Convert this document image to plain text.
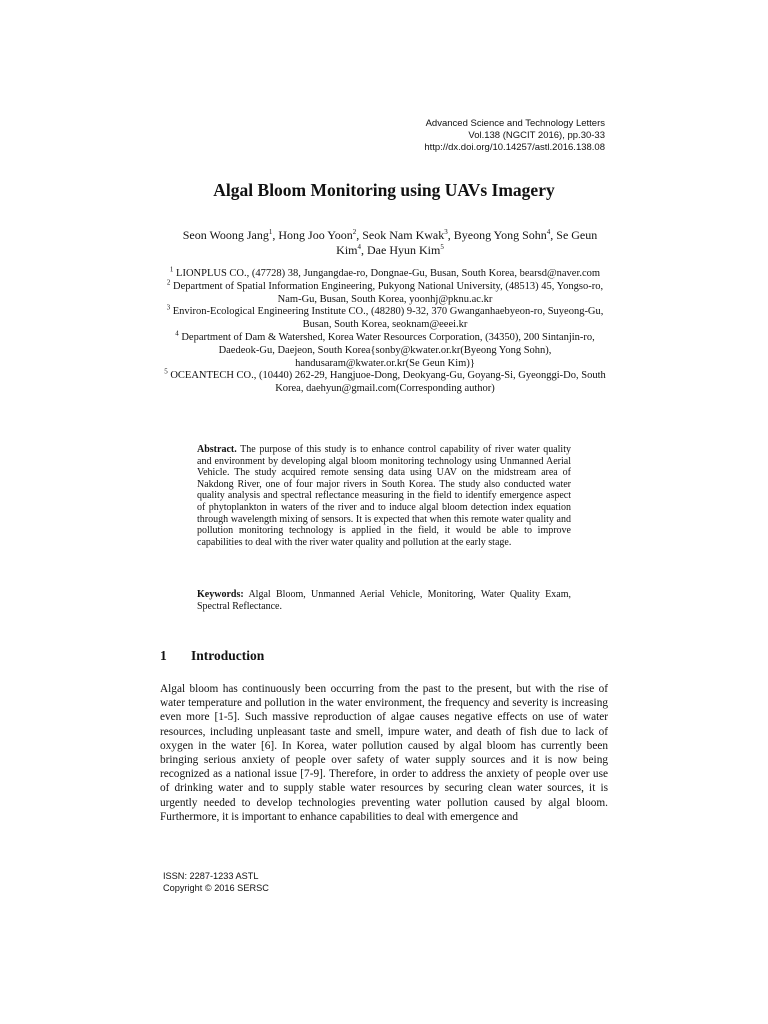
Advanced Science and Technology Letters
Vol.138 (NGCIT 2016), pp.30-33
http://dx.doi.org/10.14257/astl.2016.138.08
Algal Bloom Monitoring using UAVs Imagery
Seon Woong Jang$^1$, Hong Joo Yoon$^2$, Seok Nam Kwak$^3$, Byeong Yong Sohn$^4$, Se Geun Kim$^4$, Dae Hyun Kim$^5$
$^1$ LIONPLUS CO., (47728) 38, Jungangdae-ro, Dongnae-Gu, Busan, South Korea, bearsd@naver.com
$^2$ Department of Spatial Information Engineering, Pukyong National University, (48513) 45, Yongso-ro, Nam-Gu, Busan, South Korea, yoonhj@pknu.ac.kr
$^3$ Environ-Ecological Engineering Institute CO., (48280) 9-32, 370 Gwanganhaebyeon-ro, Suyeong-Gu, Busan, South Korea, seoknam@eeei.kr
$^4$ Department of Dam & Watershed, Korea Water Resources Corporation, (34350), 200 Sintanjin-ro, Daedeok-Gu, Daejeon, South Korea{sonby@kwater.or.kr(Byeong Yong Sohn), handusaram@kwater.or.kr(Se Geun Kim)}
$^5$ OCEANTECH CO., (10440) 262-29, Hangjuoe-Dong, Deokyang-Gu, Goyang-Si, Gyeonggi-Do, South Korea, daehyun@gmail.com(Corresponding author)
Abstract. The purpose of this study is to enhance control capability of river water quality and environment by developing algal bloom monitoring technology using Unmanned Aerial Vehicle. The study acquired remote sensing data using UAV on the midstream area of Nakdong River, one of four major rivers in South Korea. The study also conducted water quality analysis and spectral reflectance measuring in the field to identify emergence aspect of phytoplankton in waters of the river and to induce algal bloom detection index equation through wavelength mixing of sensors. It is expected that when this remote water quality and pollution monitoring technology is applied in the field, it would be able to improve capabilities to deal with the river water quality and pollution at the early stage.
Keywords: Algal Bloom, Unmanned Aerial Vehicle, Monitoring, Water Quality Exam, Spectral Reflectance.
1 Introduction
Algal bloom has continuously been occurring from the past to the present, but with the rise of water temperature and pollution in the water environment, the frequency and severity is increasing even more [1-5]. Such massive reproduction of algae causes negative effects on use of water resources, including unpleasant taste and smell, impure water, and death of fish due to lack of oxygen in the water [6]. In Korea, water pollution caused by algal bloom has currently been bringing serious anxiety of people over safety of water supply sources and it is now being recognized as a national issue [7-9]. Therefore, in order to address the anxiety of people over use of drinking water and to supply stable water resources by securing clean water sources, it is urgently needed to develop technologies preventing water pollution caused by algal bloom. Furthermore, it is important to enhance capabilities to deal with emergence and
ISSN: 2287-1233 ASTL
Copyright © 2016 SERSC
